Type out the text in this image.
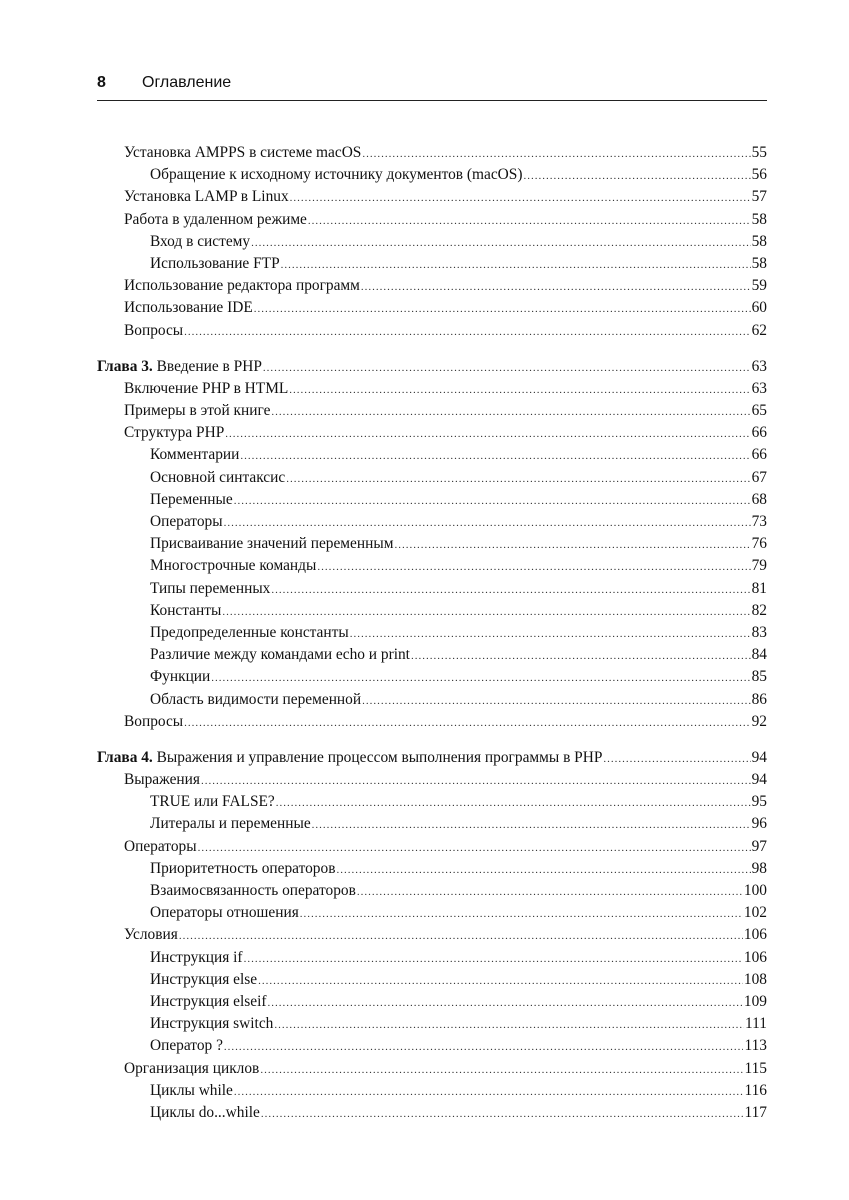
8 Оглавление
Установка AMPPS в системе macOS .....	55
Обращение к исходному источнику документов (macOS) .....	56
Установка LAMP в Linux .....	57
Работа в удаленном режиме .....	58
Вход в систему .....	58
Использование FTP .....	58
Использование редактора программ .....	59
Использование IDE .....	60
Вопросы .....	62
Глава 3. Введение в PHP .....	63
Включение PHP в HTML .....	63
Примеры в этой книге .....	65
Структура PHP .....	66
Комментарии .....	66
Основной синтаксис .....	67
Переменные .....	68
Операторы .....	73
Присваивание значений переменным .....	76
Многострочные команды .....	79
Типы переменных .....	81
Константы .....	82
Предопределенные константы .....	83
Различие между командами echo и print .....	84
Функции .....	85
Область видимости переменной .....	86
Вопросы .....	92
Глава 4. Выражения и управление процессом выполнения программы в PHP .....	94
Выражения .....	94
TRUE или FALSE? .....	95
Литералы и переменные .....	96
Операторы .....	97
Приоритетность операторов .....	98
Взаимосвязанность операторов .....	100
Операторы отношения .....	102
Условия .....	106
Инструкция if .....	106
Инструкция else .....	108
Инструкция elseif .....	109
Инструкция switch .....	111
Оператор ? .....	113
Организация циклов .....	115
Циклы while .....	116
Циклы do...while .....	117
